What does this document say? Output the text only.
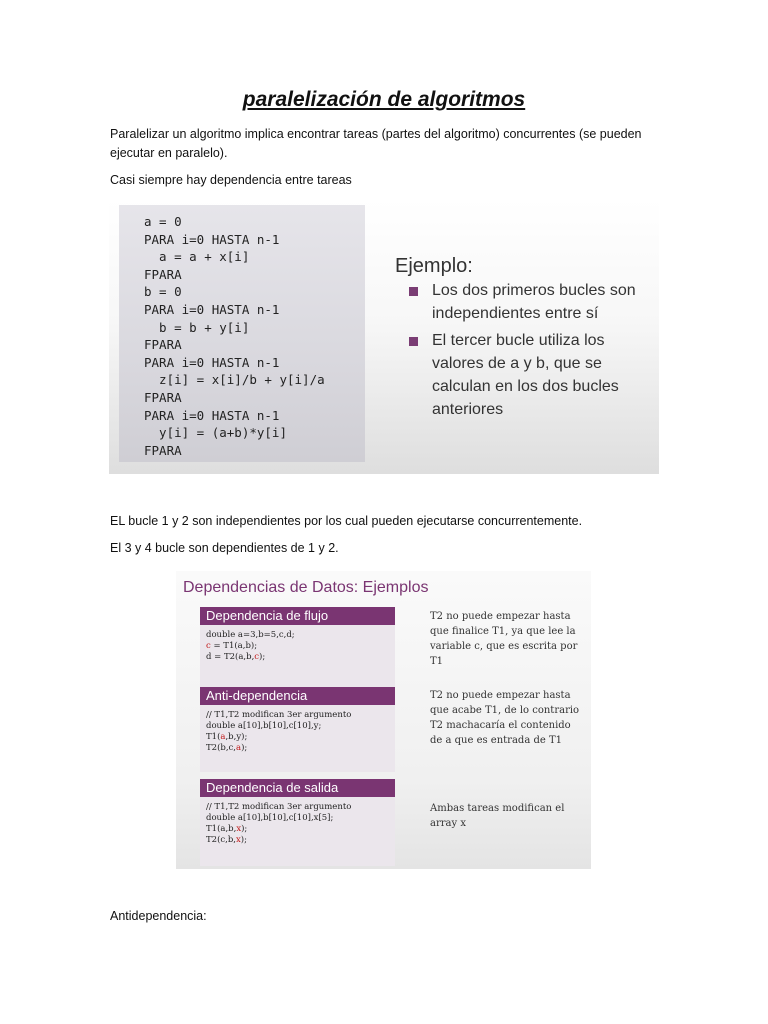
paralelización de algoritmos
Paralelizar un algoritmo implica encontrar tareas (partes del algoritmo) concurrentes (se pueden ejecutar en paralelo).
Casi siempre hay dependencia entre tareas
a = 0
PARA i=0 HASTA n-1
a = a + x[i]
FPARA
b = 0
PARA i=0 HASTA n-1
b = b + y[i]
FPARA
PARA i=0 HASTA n-1
z[i] = x[i]/b + y[i]/a
FPARA
PARA i=0 HASTA n-1
y[i] = (a+b)*y[i]
FPARA
Ejemplo:
Los dos primeros bucles son independientes entre sí
El tercer bucle utiliza los valores de a y b, que se calculan en los dos bucles anteriores
EL bucle 1 y 2 son independientes por los cual pueden ejecutarse concurrentemente.
El 3 y 4 bucle son dependientes de 1 y 2.
Dependencias de Datos: Ejemplos
Dependencia de flujo
double a=3,b=5,c,d;
c = T1(a,b);
d = T2(a,b,c);
T2 no puede empezar hasta que finalice T1, ya que lee la variable c, que es escrita por T1
Anti-dependencia
// T1,T2 modifican 3er argumento
double a[10],b[10],c[10],y;
T1(a,b,y);
T2(b,c,a);
T2 no puede empezar hasta que acabe T1, de lo contrario T2 machacaría el contenido de a que es entrada de T1
Dependencia de salida
// T1,T2 modifican 3er argumento
double a[10],b[10],c[10],x[5];
T1(a,b,x);
T2(c,b,x);
Ambas tareas modifican el array x
Antidependencia:
